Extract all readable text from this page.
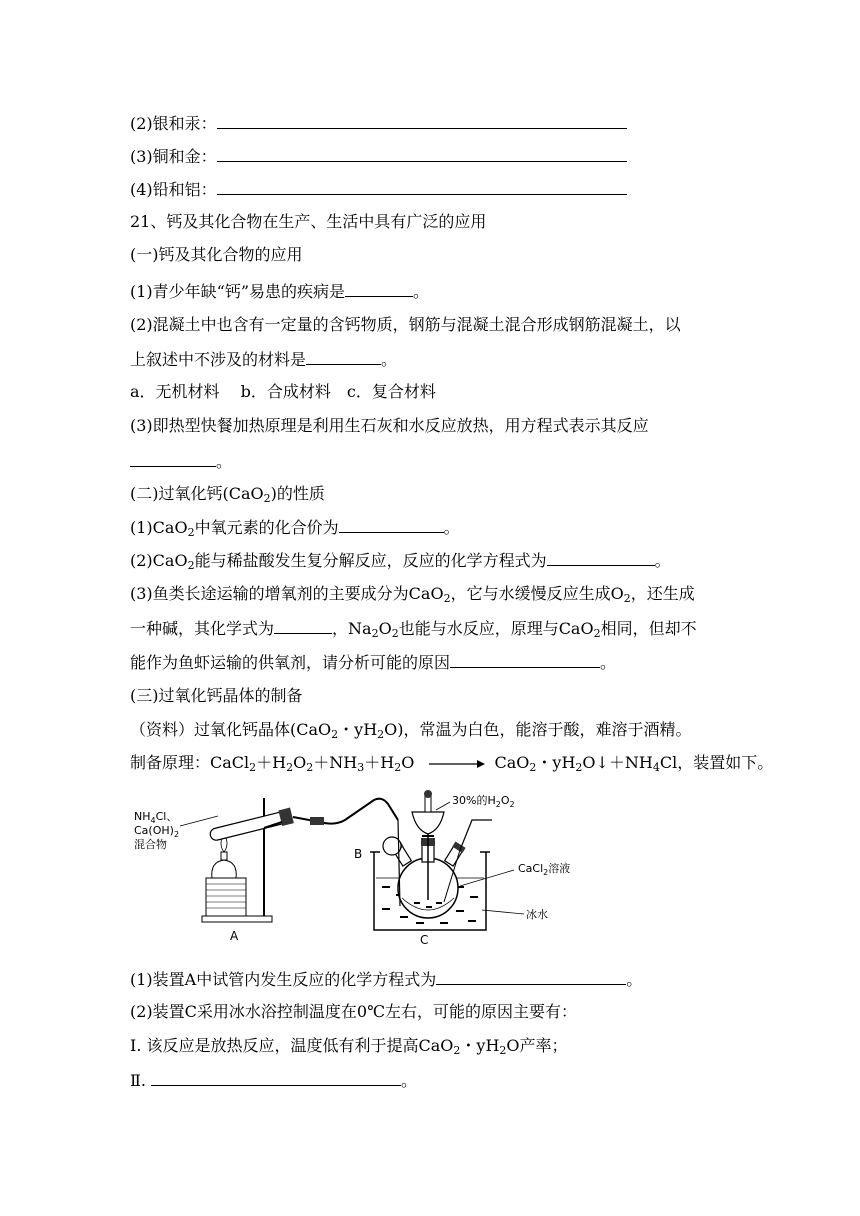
(2)银和汞：
(3)铜和金：
(4)铅和铝：
21、钙及其化合物在生产、生活中具有广泛的应用
(一)钙及其化合物的应用
(1)青少年缺“钙”易患的疾病是	。
(2)混凝土中也含有一定量的含钙物质，钢筋与混凝土混合形成钢筋混凝土，以
上叙述中不涉及的材料是	。
a．无机材料　 b．合成材料　c．复合材料
(3)即热型快餐加热原理是利用生石灰和水反应放热，用方程式表示其反应
。
(二)过氧化钙(CaO$_2$)的性质
(1)CaO$_2$中氧元素的化合价为	。
(2)CaO$_2$能与稀盐酸发生复分解反应，反应的化学方程式为	。
(3)鱼类长途运输的增氧剂的主要成分为CaO$_2$，它与水缓慢反应生成$O_2$，还生成
一种碱，其化学式为	，$Na_2O_2$也能与水反应，原理与CaO$_2$相同，但却不
能作为鱼虾运输的供氧剂，请分析可能的原因	。
(三)过氧化钙晶体的制备
（资料）过氧化钙晶体(CaO$_2$・$yH_2O$)，常温为白色，能溶于酸，难溶于酒精。
制备原理：$CaCl_2+H_2O_2+NH_3+H_2O \to CaO_2$・$yH_2O↓+NH_4Cl$，装置如下。
$NH_4Cl$、
$Ca(OH)_2$
混合物
A
B
30%的$H_2O_2$
CaCl$_2$溶液
冰水
C
(1)装置A中试管内发生反应的化学方程式为	。
(2)装置C采用冰水浴控制温度在0℃左右，可能的原因主要有：
Ⅰ. 该反应是放热反应，温度低有利于提高CaO$_2$・$yH_2O$产率；
Ⅱ.	。
